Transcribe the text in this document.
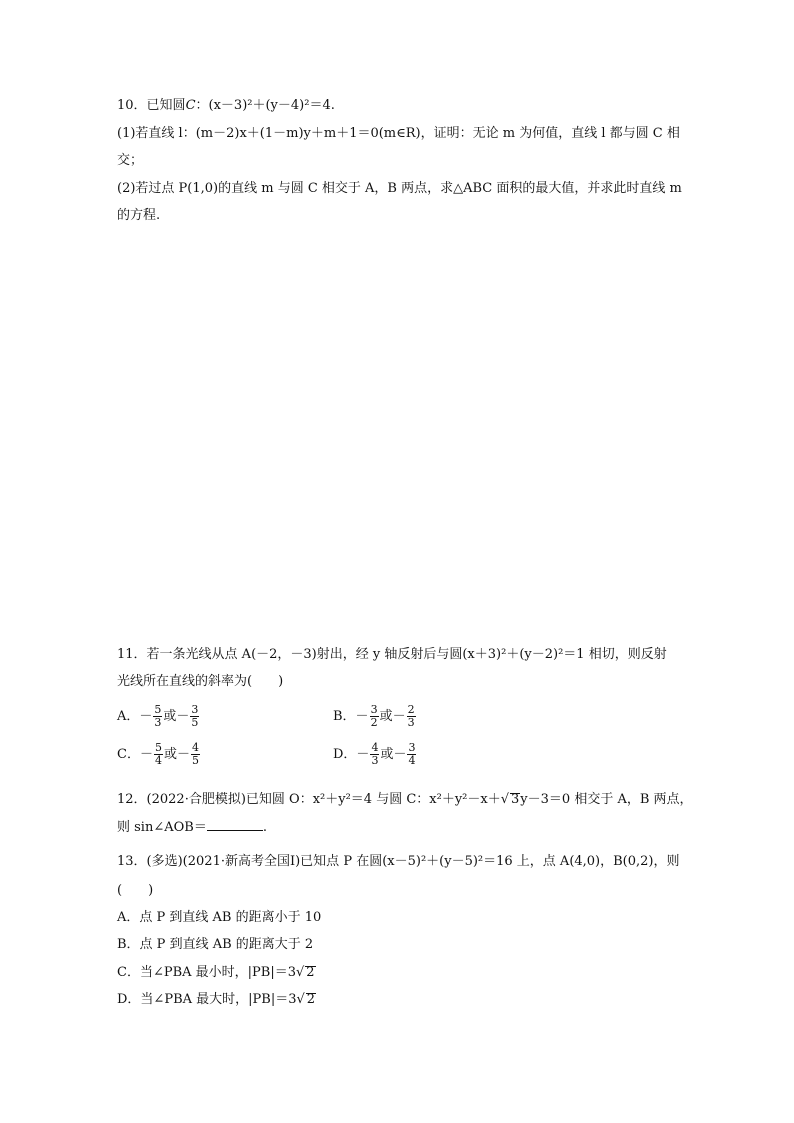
10．已知圆C：(x－3)²＋(y－4)²＝4.
(1)若直线 l：(m－2)x＋(1－m)y＋m＋1＝0(m∈R)，证明：无论 m 为何值，直线 l 都与圆 C 相
交；
(2)若过点 P(1,0)的直线 m 与圆 C 相交于 A，B 两点，求△ABC 面积的最大值，并求此时直线 m
的方程.
11．若一条光线从点 A(－2，－3)射出，经 y 轴反射后与圆(x＋3)²＋(y－2)²＝1 相切，则反射
光线所在直线的斜率为(　　)
A．－ $\frac{5}{3}$ 或－ $\frac{3}{5}$	B．－ $\frac{3}{2}$ 或－ $\frac{2}{3}$
C．－ $\frac{5}{4}$ 或－ $\frac{4}{5}$	D．－ $\frac{4}{3}$ 或－ $\frac{3}{4}$
12．(2022·合肥模拟)已知圆 O：x²＋y²＝4 与圆 C：x²＋y²－x＋√ 3y－3＝0 相交于 A，B 两点，
则 sin∠AOB＝	.
13．(多选)(2021·新高考全国Ⅰ)已知点 P 在圆(x－5)²＋(y－5)²＝16 上，点 A(4,0)，B(0,2)，则
(　　)
A．点 P 到直线 AB 的距离小于 10
B．点 P 到直线 AB 的距离大于 2
C．当∠PBA 最小时，|PB|＝3√ 2
D．当∠PBA 最大时，|PB|＝3√ 2
